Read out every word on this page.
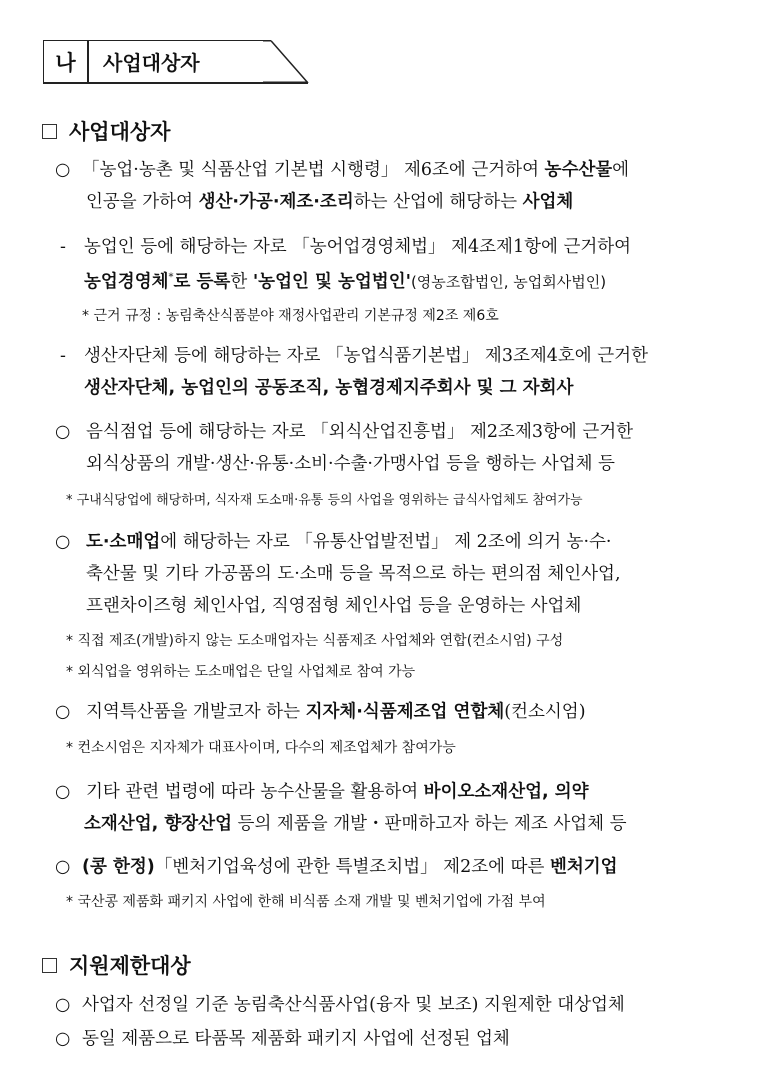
나	사업대상자
사업대상자
○ 「농업·농촌 및 식품산업 기본법 시행령」 제6조에 근거하여 농수산물에
인공을 가하여 생산·가공·제조·조리하는 산업에 해당하는 사업체
- 농업인 등에 해당하는 자로 「농어업경영체법」 제4조제1항에 근거하여
농업경영체*로 등록한 '농업인 및 농업법인'(영농조합법인, 농업회사법인)
* 근거 규정 : 농림축산식품분야 재정사업관리 기본규정 제2조 제6호
- 생산자단체 등에 해당하는 자로 「농업식품기본법」 제3조제4호에 근거한
생산자단체, 농업인의 공동조직, 농협경제지주회사 및 그 자회사
○ 음식점업 등에 해당하는 자로 「외식산업진흥법」 제2조제3항에 근거한
외식상품의 개발·생산·유통·소비·수출·가맹사업 등을 행하는 사업체 등
* 구내식당업에 해당하며, 식자재 도소매·유통 등의 사업을 영위하는 급식사업체도 참여가능
○ 도·소매업에 해당하는 자로 「유통산업발전법」 제 2조에 의거 농·수·
축산물 및 기타 가공품의 도·소매 등을 목적으로 하는 편의점 체인사업,
프랜차이즈형 체인사업, 직영점형 체인사업 등을 운영하는 사업체
* 직접 제조(개발)하지 않는 도소매업자는 식품제조 사업체와 연합(컨소시엄) 구성
* 외식업을 영위하는 도소매업은 단일 사업체로 참여 가능
○ 지역특산품을 개발코자 하는 지자체·식품제조업 연합체(컨소시엄)
* 컨소시엄은 지자체가 대표사이며, 다수의 제조업체가 참여가능
○ 기타 관련 법령에 따라 농수산물을 활용하여 바이오소재산업, 의약
소재산업, 향장산업 등의 제품을 개발・판매하고자 하는 제조 사업체 등
○ (콩 한정)「벤처기업육성에 관한 특별조치법」 제2조에 따른 벤처기업
* 국산콩 제품화 패키지 사업에 한해 비식품 소재 개발 및 벤처기업에 가점 부여
지원제한대상
○ 사업자 선정일 기준 농림축산식품사업(융자 및 보조) 지원제한 대상업체
○ 동일 제품으로 타품목 제품화 패키지 사업에 선정된 업체
